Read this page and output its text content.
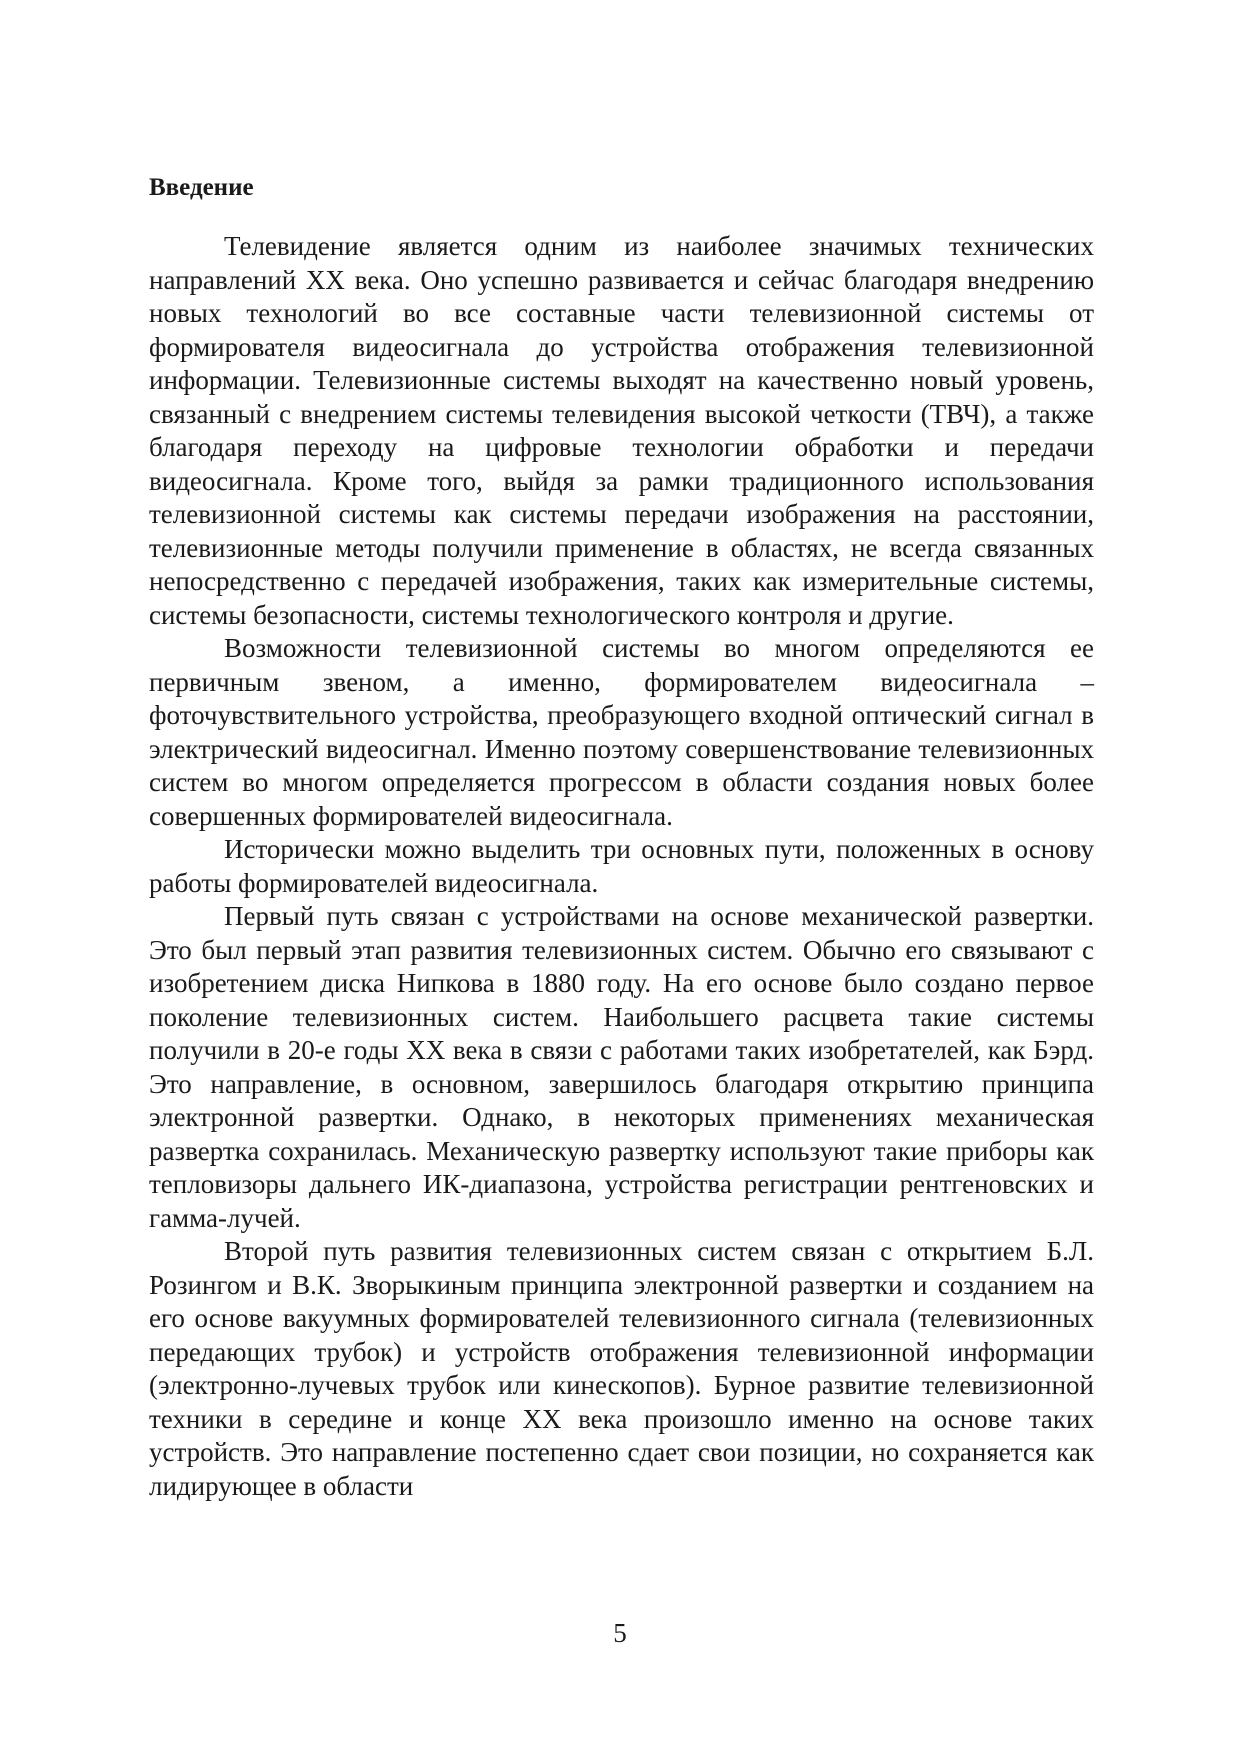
Введение

Телевидение является одним из наиболее значимых технических направлений XX века. Оно успешно развивается и сейчас благодаря внедрению новых технологий во все составные части телевизионной системы от формирователя видеосигнала до устройства отображения телевизионной информации. Телевизионные системы выходят на качественно новый уровень, связанный с внедрением системы телевидения высокой четкости (ТВЧ), а также благодаря переходу на цифровые технологии обработки и передачи видеосигнала. Кроме того, выйдя за рамки традиционного использования телевизионной системы как системы передачи изображения на расстоянии, телевизионные методы получили применение в областях, не всегда связанных непосредственно с передачей изображения, таких как измерительные системы, системы безопасности, системы технологического контроля и другие.

Возможности телевизионной системы во многом определяются ее первичным звеном, а именно, формирователем видеосигнала – фоточувствительного устройства, преобразующего входной оптический сигнал в электрический видеосигнал. Именно поэтому совершенствование телевизионных систем во многом определяется прогрессом в области создания новых более совершенных формирователей видеосигнала.

Исторически можно выделить три основных пути, положенных в основу работы формирователей видеосигнала.

Первый путь связан с устройствами на основе механической развертки. Это был первый этап развития телевизионных систем. Обычно его связывают с изобретением диска Нипкова в 1880 году. На его основе было создано первое поколение телевизионных систем. Наибольшего расцвета такие системы получили в 20-е годы XX века в связи с работами таких изобретателей, как Бэрд. Это направление, в основном, завершилось благодаря открытию принципа электронной развертки. Однако, в некоторых применениях механическая развертка сохранилась. Механическую развертку используют такие приборы как тепловизоры дальнего ИК-диапазона, устройства регистрации рентгеновских и гамма-лучей.

Второй путь развития телевизионных систем связан с открытием Б.Л. Розингом и В.К. Зворыкиным принципа электронной развертки и созданием на его основе вакуумных формирователей телевизионного сигнала (телевизионных передающих трубок) и устройств отображения телевизионной информации (электронно-лучевых трубок или кинескопов). Бурное развитие телевизионной техники в середине и конце XX века произошло именно на основе таких устройств. Это направление постепенно сдает свои позиции, но сохраняется как лидирующее в области

5
